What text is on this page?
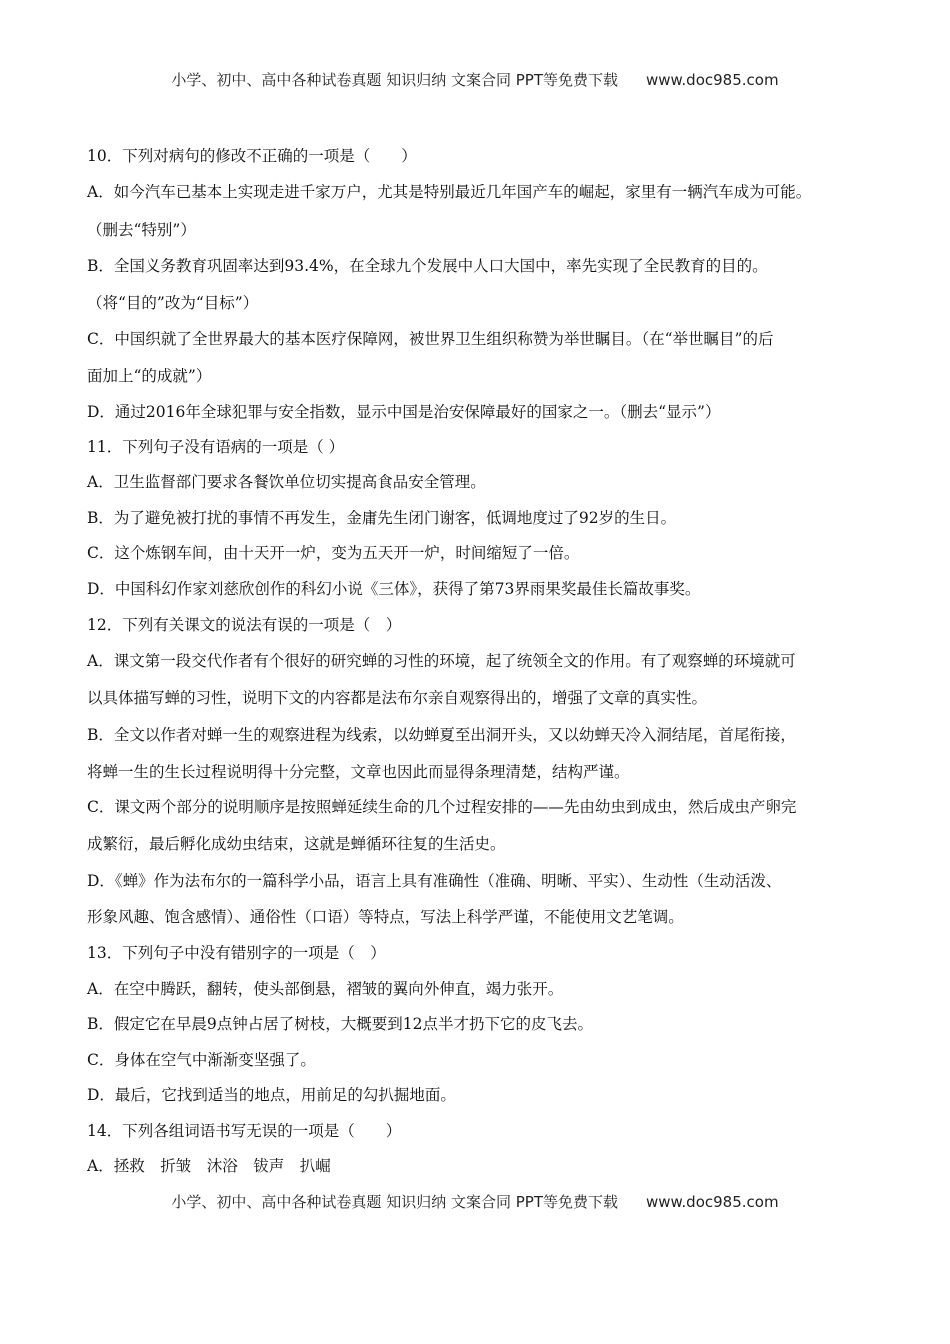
小学、初中、高中各种试卷真题 知识归纳 文案合同 PPT等免费下载 www.doc985.com
10．下列对病句的修改不正确的一项是（　　）
A．如今汽车已基本上实现走进千家万户，尤其是特别最近几年国产车的崛起，家里有一辆汽车成为可能。
（删去“特别”）
B．全国义务教育巩固率达到93.4%，在全球九个发展中人口大国中，率先实现了全民教育的目的。
（将“目的”改为“目标”）
C．中国织就了全世界最大的基本医疗保障网，被世界卫生组织称赞为举世瞩目。（在“举世瞩目”的后
面加上“的成就”）
D．通过2016年全球犯罪与安全指数，显示中国是治安保障最好的国家之一。（删去“显示”）
11．下列句子没有语病的一项是（ ）
A．卫生监督部门要求各餐饮单位切实提高食品安全管理。
B．为了避免被打扰的事情不再发生，金庸先生闭门谢客，低调地度过了92岁的生日。
C．这个炼钢车间，由十天开一炉，变为五天开一炉，时间缩短了一倍。
D．中国科幻作家刘慈欣创作的科幻小说《三体》，获得了第73界雨果奖最佳长篇故事奖。
12．下列有关课文的说法有误的一项是（　）
A．课文第一段交代作者有个很好的研究蝉的习性的环境，起了统领全文的作用。有了观察蝉的环境就可
以具体描写蝉的习性，说明下文的内容都是法布尔亲自观察得出的，增强了文章的真实性。
B．全文以作者对蝉一生的观察进程为线索，以幼蝉夏至出洞开头，又以幼蝉天冷入洞结尾，首尾衔接，
将蝉一生的生长过程说明得十分完整，文章也因此而显得条理清楚，结构严谨。
C．课文两个部分的说明顺序是按照蝉延续生命的几个过程安排的——先由幼虫到成虫，然后成虫产卵完
成繁衍，最后孵化成幼虫结束，这就是蝉循环往复的生活史。
D．《蝉》作为法布尔的一篇科学小品，语言上具有准确性（准确、明晰、平实）、生动性（生动活泼、
形象风趣、饱含感情）、通俗性（口语）等特点，写法上科学严谨，不能使用文艺笔调。
13．下列句子中没有错别字的一项是（　）
A．在空中腾跃，翻转，使头部倒悬，褶皱的翼向外伸直，竭力张开。
B．假定它在早晨9点钟占居了树枝，大概要到12点半才扔下它的皮飞去。
C．身体在空气中渐渐变坚强了。
D．最后，它找到适当的地点，用前足的勾扒掘地面。
14．下列各组词语书写无误的一项是（　　）
A．拯救　折皱　沐浴　钹声　扒崛
小学、初中、高中各种试卷真题 知识归纳 文案合同 PPT等免费下载 www.doc985.com
